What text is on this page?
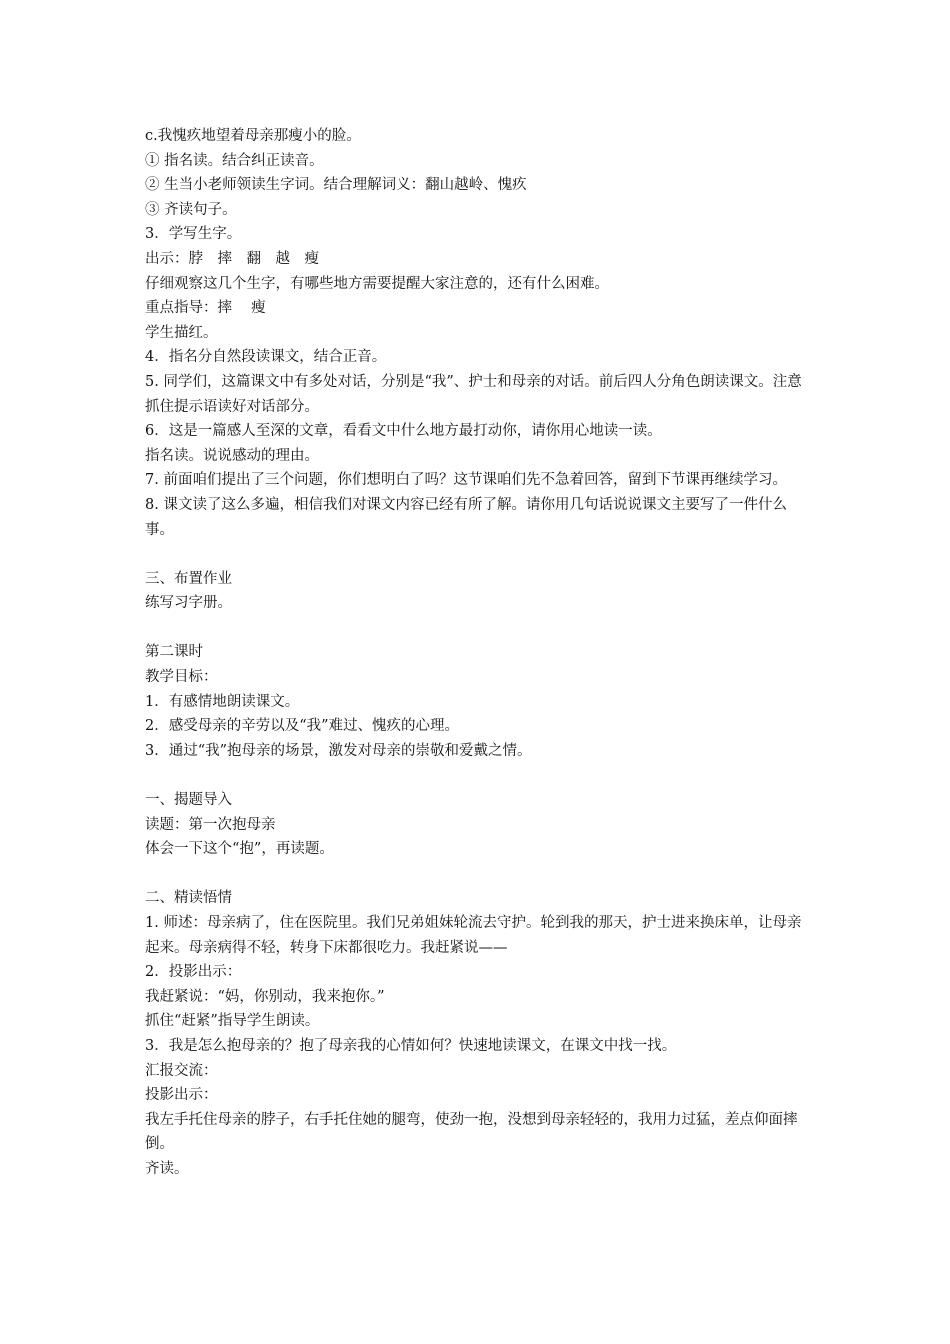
c.我愧疚地望着母亲那瘦小的脸。
① 指名读。结合纠正读音。
② 生当小老师领读生字词。结合理解词义：翻山越岭、愧疚
③ 齐读句子。
3．学写生字。
出示：脖　摔　翻　越　瘦
仔细观察这几个生字，有哪些地方需要提醒大家注意的，还有什么困难。
重点指导：摔　 瘦
学生描红。
4．指名分自然段读课文，结合正音。
5. 同学们，这篇课文中有多处对话，分别是“我”、护士和母亲的对话。前后四人分角色朗读课文。注意抓住提示语读好对话部分。
6．这是一篇感人至深的文章，看看文中什么地方最打动你，请你用心地读一读。
指名读。说说感动的理由。
7. 前面咱们提出了三个问题，你们想明白了吗？这节课咱们先不急着回答，留到下节课再继续学习。
8. 课文读了这么多遍，相信我们对课文内容已经有所了解。请你用几句话说说课文主要写了一件什么事。
三、布置作业
练写习字册。
第二课时
教学目标：
1．有感情地朗读课文。
2．感受母亲的辛劳以及“我”难过、愧疚的心理。
3．通过“我”抱母亲的场景，激发对母亲的崇敬和爱戴之情。
一、揭题导入
读题：第一次抱母亲
体会一下这个“抱”，再读题。
二、精读悟情
1. 师述：母亲病了，住在医院里。我们兄弟姐妹轮流去守护。轮到我的那天，护士进来换床单，让母亲起来。母亲病得不轻，转身下床都很吃力。我赶紧说——
2．投影出示：
我赶紧说：“妈，你别动，我来抱你。”
抓住“赶紧”指导学生朗读。
3．我是怎么抱母亲的？抱了母亲我的心情如何？快速地读课文，在课文中找一找。
汇报交流：
投影出示：
我左手托住母亲的脖子，右手托住她的腿弯，使劲一抱，没想到母亲轻轻的，我用力过猛，差点仰面摔倒。
齐读。
